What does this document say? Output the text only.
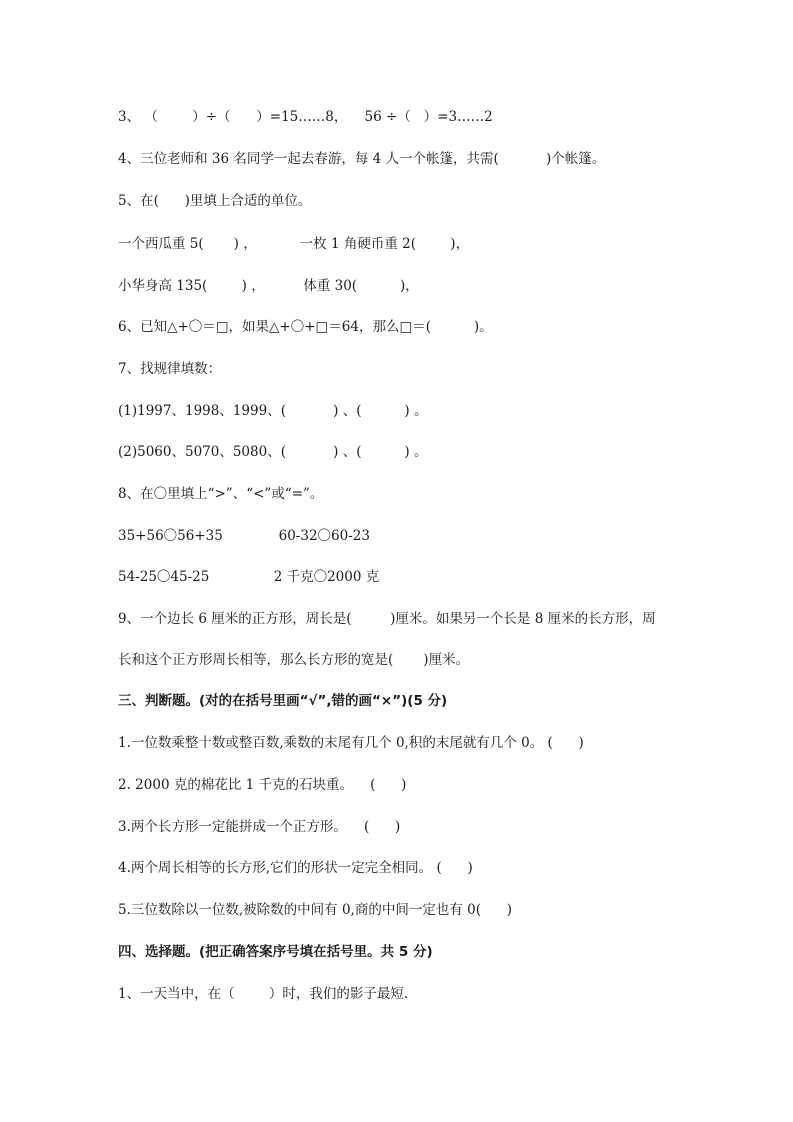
3、 （        ）÷（      ）=15……8，    56 ÷（   ）=3……2
4、三位老师和 36 名同学一起去春游，每 4 人一个帐篷，共需(           )个帐篷。
5、在(      )里填上合适的单位。
一个西瓜重 5(       ) ，          一枚 1 角硬币重 2(        )，
小华身高 135(        ) ，         体重 30(          )，
6、已知△+〇＝□，如果△+〇+□＝64，那么□＝(          )。
7、找规律填数：
(1)1997、1998、1999、(           ) 、(          ) 。
(2)5060、5070、5080、(           ) 、(          ) 。
8、在〇里填上“>”、“<”或“=”。
35+56〇56+35             60-32〇60-23
54-25〇45-25               2 千克〇2000 克
9、一个边长 6 厘米的正方形，周长是(         )厘米。如果另一个长是 8 厘米的长方形，周
长和这个正方形周长相等，那么长方形的宽是(       )厘米。
三、判断题。(对的在括号里画“√”,错的画“×”)(5 分)
1.一位数乘整十数或整百数,乘数的末尾有几个 0,积的末尾就有几个 0。 (      )
2. 2000 克的棉花比 1 千克的石块重。    (      )
3.两个长方形一定能拼成一个正方形。    (      )
4.两个周长相等的长方形,它们的形状一定完全相同。 (      )
5.三位数除以一位数,被除数的中间有 0,商的中间一定也有 0(      )
四、选择题。(把正确答案序号填在括号里。共 5 分)
1、一天当中，在（        ）时，我们的影子最短.
